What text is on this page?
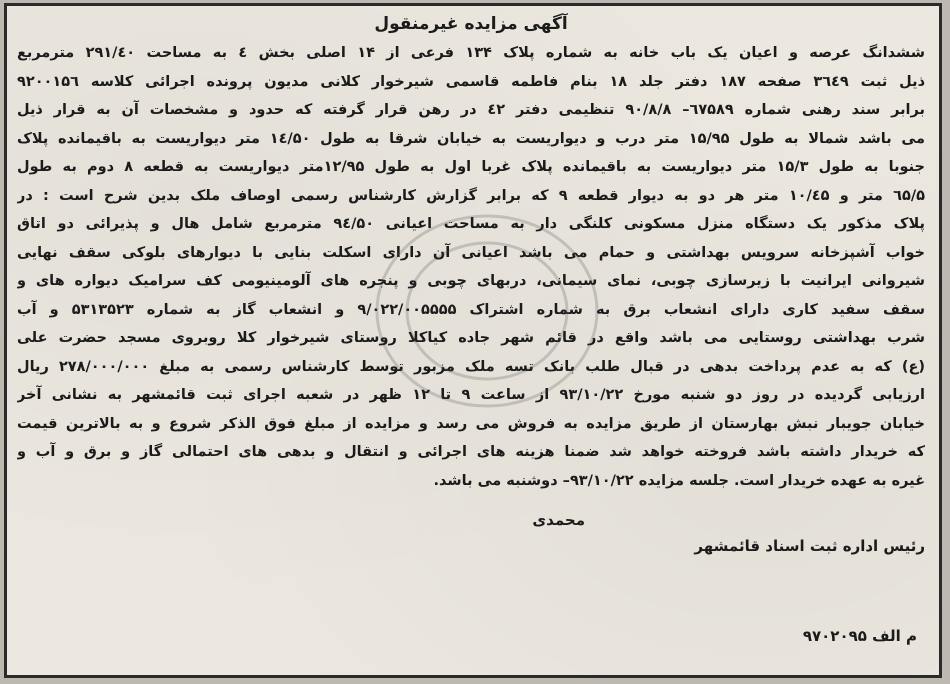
آگهی مزایده غیرمنقول
ششدانگ عرصه و اعیان یک باب خانه به شماره پلاک ۱۳۴ فرعی از ۱۴ اصلی بخش ٤ به مساحت ۲۹۱/٤۰ مترمربع
ذیل ثبت ۳٦٤۹ صفحه ۱۸۷ دفتر جلد ۱۸ بنام فاطمه قاسمی شیرخوار کلانی مدیون پرونده اجرائی کلاسه ۹۲۰۰۱۵٦
برابر سند رهنی شماره ٦۷۵۸۹– ۹۰/۸/۸ تنظیمی دفتر ٤۲ در رهن قرار گرفته که حدود و مشخصات آن به قرار ذیل
می باشد شمالا به طول ۱۵/۹۵ متر درب و دیواریست به خیابان شرقا به طول ۱٤/۵۰ متر دیواریست به باقیمانده پلاک
جنوبا به طول ۱۵/۳ متر دیواریست به باقیمانده پلاک غربا اول به طول ۱۲/۹۵متر دیواریست به قطعه ۸ دوم به طول
۵/٦۵ متر و ۱۰/٤۵ متر هر دو به دیوار قطعه ۹ که برابر گزارش کارشناس رسمی اوصاف ملک بدین شرح است : در
پلاک مذکور یک دستگاه منزل مسکونی کلنگی دار به مساحت اعیانی ۹٤/۵۰ مترمربع شامل هال و پذیرائی دو اتاق
خواب آشپزخانه سرویس بهداشتی و حمام می باشد اعیانی آن دارای اسکلت بنایی با دیوارهای بلوکی سقف نهایی
شیروانی ایرانیت با زیرسازی چوبی، نمای سیمانی، دربهای چوبی و پنجره های آلومینیومی کف سرامیک دیواره های و
سقف سفید کاری دارای انشعاب برق به شماره اشتراک ۹/۰۲۲/۰۰۵۵۵۵ و انشعاب گاز به شماره ۵۳۱۳۵۲۳ و آب
شرب بهداشتی روستایی می باشد واقع در قائم شهر جاده کیاکلا روستای شیرخوار کلا روبروی مسجد حضرت علی
(ع) که به عدم پرداخت بدهی در قبال طلب بانک تسه ملک مزبور توسط کارشناس رسمی به مبلغ ۲۷۸/۰۰۰/۰۰۰ ریال
ارزیابی گردیده در روز دو شنبه مورخ ۹۳/۱۰/۲۲ از ساعت ۹ تا ۱۲ ظهر در شعبه اجرای ثبت قائمشهر به نشانی آخر
خیابان جویبار نبش بهارستان از طریق مزایده به فروش می رسد و مزایده از مبلغ فوق الذکر شروع و به بالاترین قیمت
که خریدار داشته باشد فروخته خواهد شد ضمنا هزینه های اجرائی و انتقال و بدهی های احتمالی گاز و برق و آب و
غیره به عهده خریدار است. جلسه مزایده ۹۳/۱۰/۲۲– دوشنبه می باشد.
محمدی
رئیس اداره ثبت اسناد قائمشهر
م الف ۹۷۰۲۰۹۵
